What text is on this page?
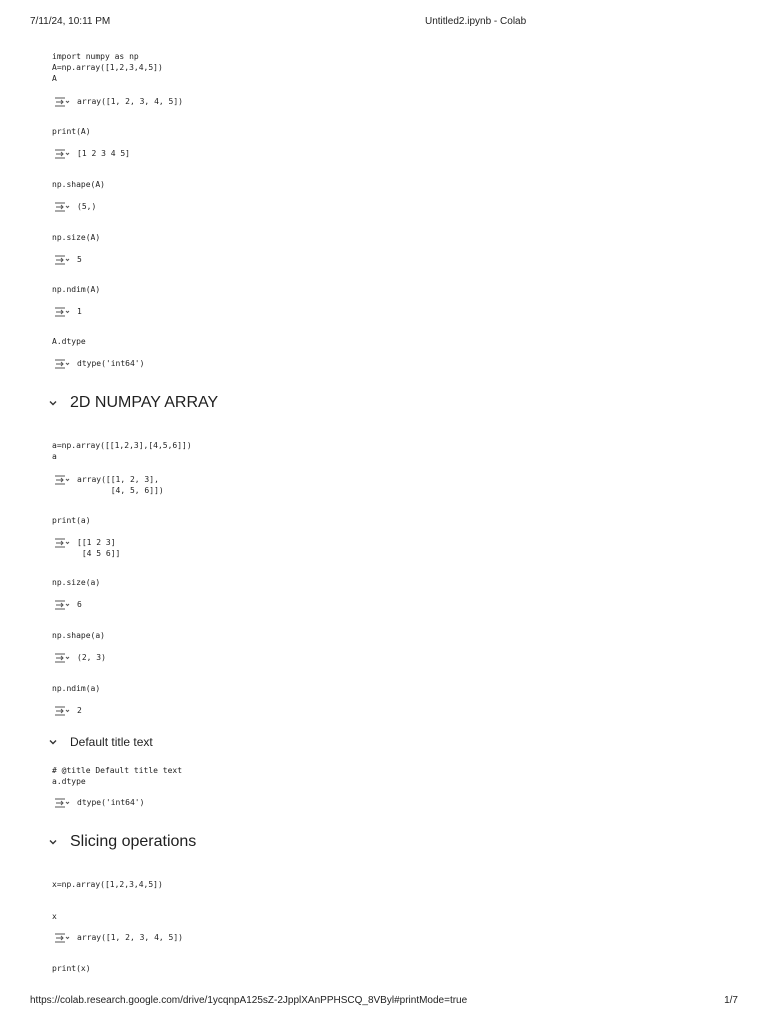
7/11/24, 10:11 PM	Untitled2.ipynb - Colab
import numpy as np
A=np.array([1,2,3,4,5])
A
array([1, 2, 3, 4, 5])
print(A)
[1 2 3 4 5]
np.shape(A)
(5,)
np.size(A)
5
np.ndim(A)
1
A.dtype
dtype('int64')
2D NUMPAY ARRAY
a=np.array([[1,2,3],[4,5,6]])
a
array([[1, 2, 3],
[4, 5, 6]])
print(a)
[[1 2 3]
[4 5 6]]
np.size(a)
6
np.shape(a)
(2, 3)
np.ndim(a)
2
Default title text
# @title Default title text
a.dtype
dtype('int64')
Slicing operations
x=np.array([1,2,3,4,5])
x
array([1, 2, 3, 4, 5])
print(x)
https://colab.research.google.com/drive/1ycqnpA125sZ-2JpplXAnPPHSCQ_8VByl#printMode=true	1/7
